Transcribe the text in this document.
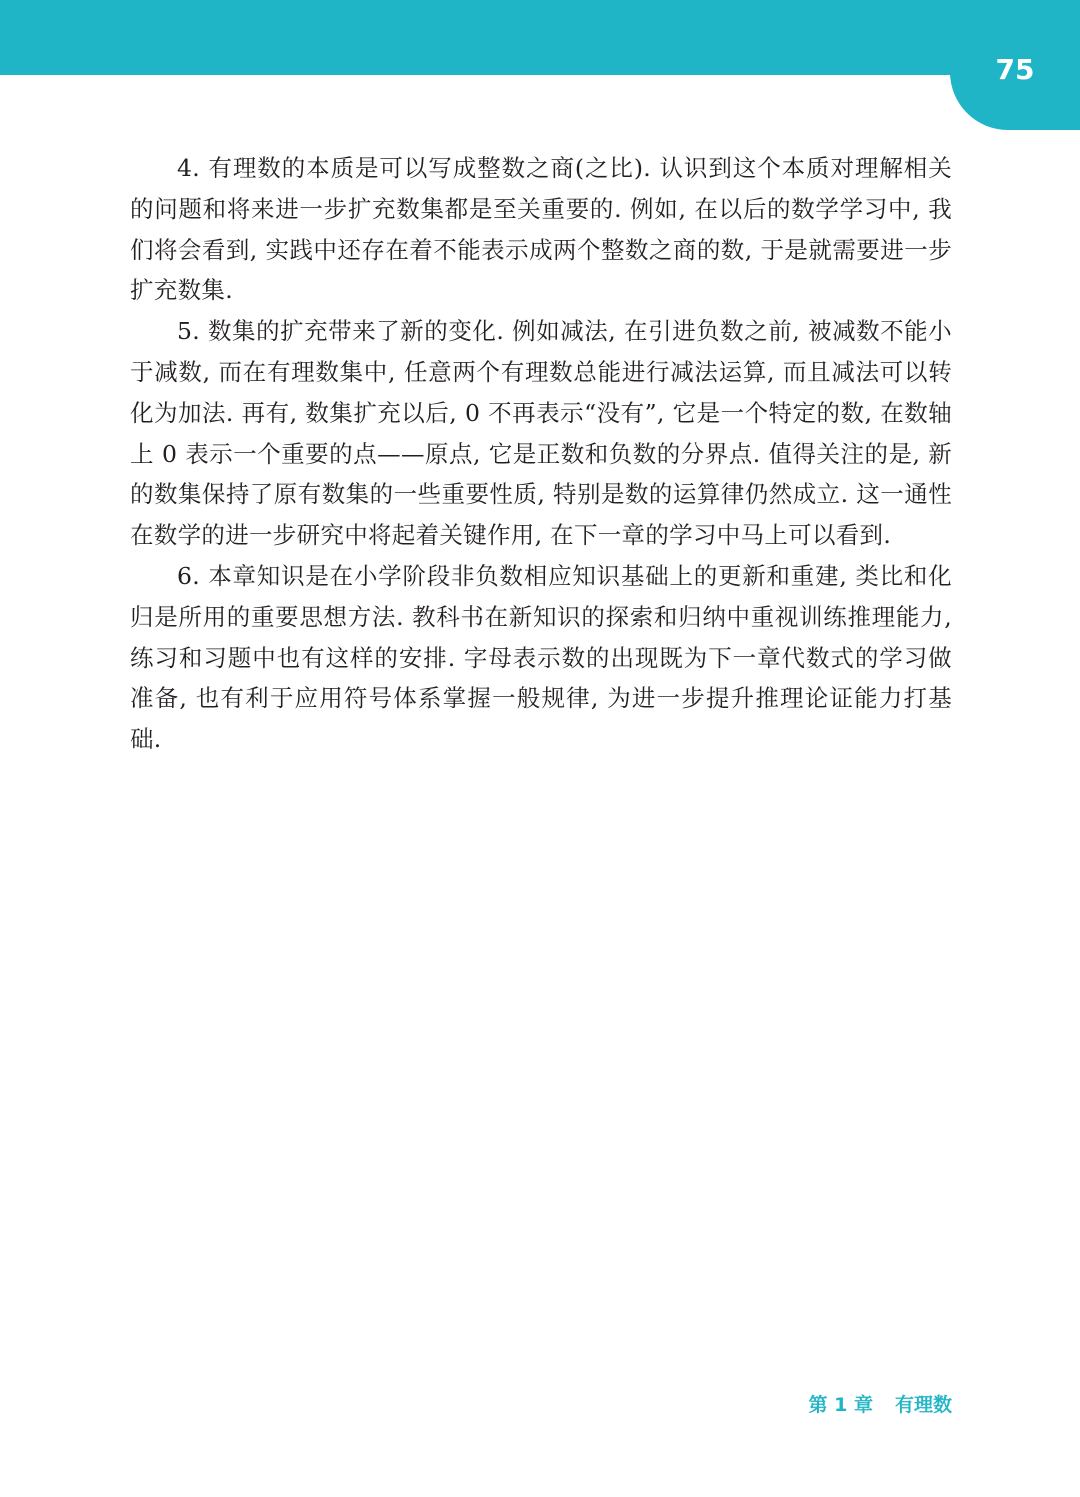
75

4. 有理数的本质是可以写成整数之商(之比). 认识到这个本质对理解相关的问题和将来进一步扩充数集都是至关重要的. 例如, 在以后的数学学习中, 我们将会看到, 实践中还存在着不能表示成两个整数之商的数, 于是就需要进一步扩充数集.

5. 数集的扩充带来了新的变化. 例如减法, 在引进负数之前, 被减数不能小于减数, 而在有理数集中, 任意两个有理数总能进行减法运算, 而且减法可以转化为加法. 再有, 数集扩充以后, 0 不再表示“没有”, 它是一个特定的数, 在数轴上 0 表示一个重要的点——原点, 它是正数和负数的分界点. 值得关注的是, 新的数集保持了原有数集的一些重要性质, 特别是数的运算律仍然成立. 这一通性在数学的进一步研究中将起着关键作用, 在下一章的学习中马上可以看到.

6. 本章知识是在小学阶段非负数相应知识基础上的更新和重建, 类比和化归是所用的重要思想方法. 教科书在新知识的探索和归纳中重视训练推理能力, 练习和习题中也有这样的安排. 字母表示数的出现既为下一章代数式的学习做准备, 也有利于应用符号体系掌握一般规律, 为进一步提升推理论证能力打基础.

第 1 章 有理数
